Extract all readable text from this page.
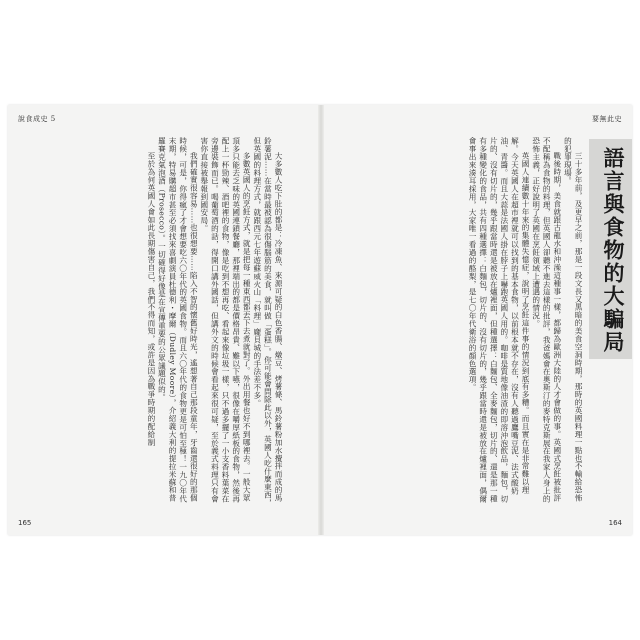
說食成史 5

大多數人吃下肚的都是：冷凍魚、來源可疑的白色香腸、燉豆、烤薯條、馬鈴薯粉加水攪拌而成的馬鈴薯泥……在當時最被認為很傷腦筋的美食，就叫做「蛋糕」。你可能會問除此以外，英國人吃什麼東西，但英國的料理方式，就跟西元七年遊蘇威火山「料理」龐貝城的手法差不多。

多數英國人的烹飪方式，就是把每一種東西都丟下去煮就對了。外出用餐也好不到哪裡去。一般大眾頂多只能去乏味的英國連鎖餐廳，那裡端出的都是價格昂貴、難以下嚥，很像在嚼厚紙板的食物，然後再配上一杯勁辣、酒吧裡的食物，像是吃到不想再吃、看起來像垃圾一樣，只不過多擺了一小支香料葉菜在旁邊裝飾而已。喝葡萄酒的話，得開口講外國話，但講外文的時候會看起來很可疑，至於義式料理只有會害你直接被舉報到國安局。

我們確實很容易……也很想要……陷入不智的懷舊好時光，遙想著自己那段童年，牙齒還很好的那個時候，可是，你得瘋了才會想要吃六〇年代的英國食物。而且六〇年代的食物更是可怕至極！一九〇年代末期，特易購超市甚至必須找來喜劇演員杜德利・摩爾（Dudley Moore），介紹義大利的提拉米蘇和普羅賽克氣泡酒（Prosecco）。一切確得好像是在宣傳重要的公眾議題似的。

至於為何英國人會如此長期傷害自己，我們不得而知，或許是因為戰爭時期的配給制

165

要無此史

語言與食物的大騙局

三十多年前，及更早之前，那是一段文長又黑暗的美食空洞時期，那時的英國料理一點也不輸給恐怖的犯罪現場。

戰後時期，美食就跟古龍水和沖澡這種事一樣，都歸為歐洲大陸的人才會做的事。英國式烹飪被批評不配稱為食物的料理，但英國人卻聽不進去這樣的批評，我爸媽會在奧斯汀的麥特克斯展在我家人身上的恐怖主義，正好說明了英國在烹飪領域上遭遇的情況。

英國人連續數十年來的集體失憶症，說明了烹飪這件事的情況到底有多糟。而且實在是非常難以理解。今天英國人在超市裡就可以找到的基本食物，以前根本就不存在，沒有人聽過鷹嘴豆泥、法式酸奶油、青醬。而且大蒜是法國人掛在脖子上嚇跑英國人用的。咖啡是質地像油渣的即溶沖泡飲品，麵包，切片的、沒有切片的，幾乎跟當時還是被放在爐裡面，但種選擇：白麵包、全麥麵包，切片的、還是那一種有多種變化的食品，共有四種選擇：白麵包，切片的、沒有切片的，幾乎跟當時還是被放在爐裡面，偶爾會事出來湊耳採用，大家唯一看過的酪梨，是七〇年代衛浴的顏色選項。

164
